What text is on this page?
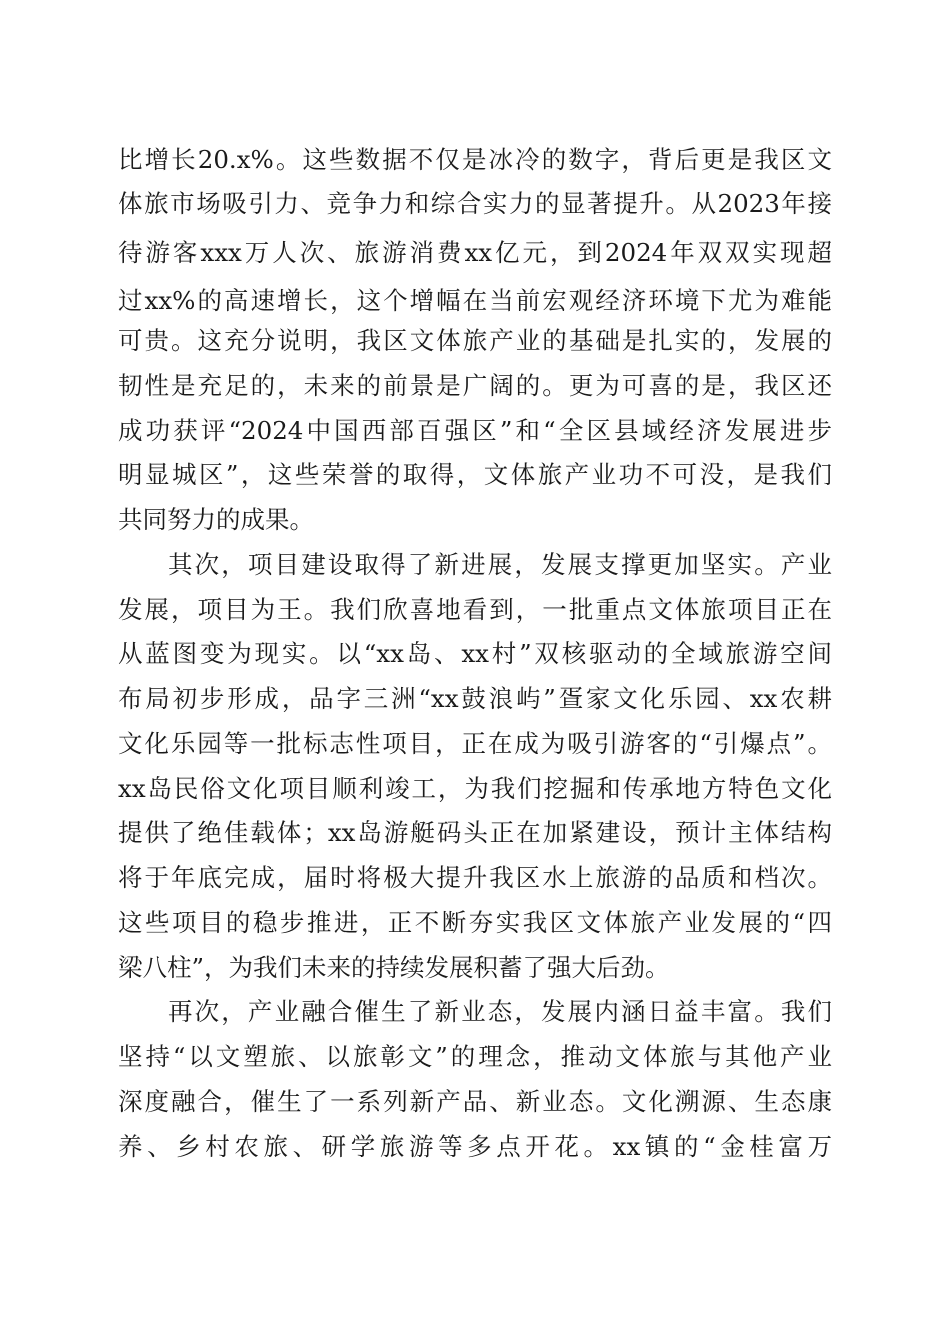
比增长20.x%。这些数据不仅是冰冷的数字，背后更是我区文
体旅市场吸引力、竞争力和综合实力的显著提升。从2023年接
待游客xxx万人次、旅游消费xx亿元，到2024年双双实现超
过xx%的高速增长，这个增幅在当前宏观经济环境下尤为难能
可贵。这充分说明，我区文体旅产业的基础是扎实的，发展的
韧性是充足的，未来的前景是广阔的。更为可喜的是，我区还
成功获评“2024中国西部百强区”和“全区县域经济发展进步
明显城区”，这些荣誉的取得，文体旅产业功不可没，是我们
共同努力的成果。
其次，项目建设取得了新进展，发展支撑更加坚实。产业
发展，项目为王。我们欣喜地看到，一批重点文体旅项目正在
从蓝图变为现实。以“xx岛、xx村”双核驱动的全域旅游空间
布局初步形成，品字三洲“xx鼓浪屿”疍家文化乐园、xx农耕
文化乐园等一批标志性项目，正在成为吸引游客的“引爆点”。
xx岛民俗文化项目顺利竣工，为我们挖掘和传承地方特色文化
提供了绝佳载体；xx岛游艇码头正在加紧建设，预计主体结构
将于年底完成，届时将极大提升我区水上旅游的品质和档次。
这些项目的稳步推进，正不断夯实我区文体旅产业发展的“四
梁八柱”，为我们未来的持续发展积蓄了强大后劲。
再次，产业融合催生了新业态，发展内涵日益丰富。我们
坚持“以文塑旅、以旅彰文”的理念，推动文体旅与其他产业
深度融合，催生了一系列新产品、新业态。文化溯源、生态康
养、乡村农旅、研学旅游等多点开花。xx镇的“金桂富万
